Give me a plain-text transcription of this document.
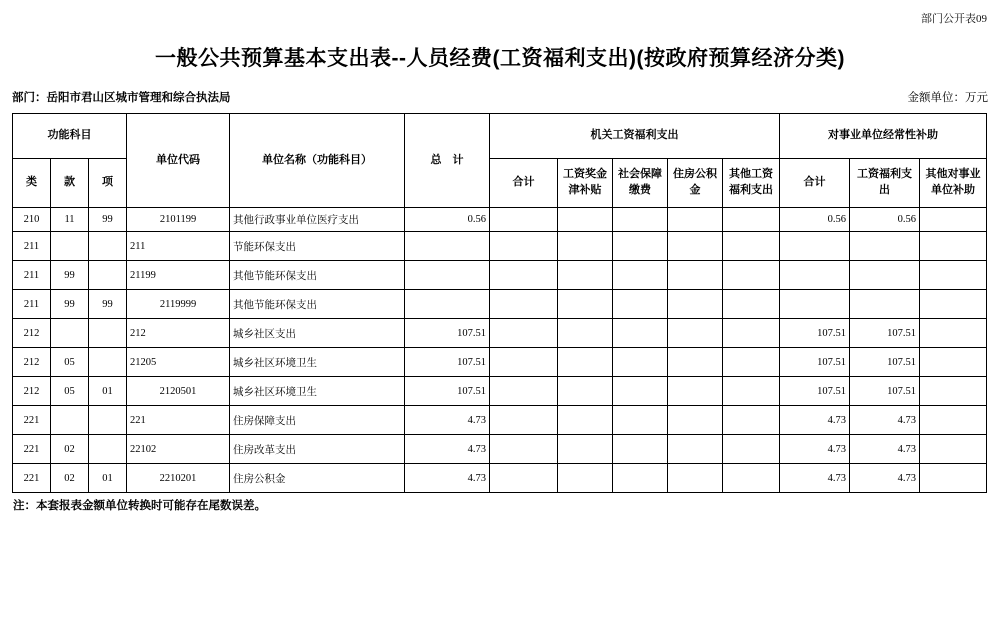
部门公开表09
一般公共预算基本支出表--人员经费(工资福利支出)(按政府预算经济分类)
部门：岳阳市君山区城市管理和综合执法局	金额单位：万元
功能科目			单位代码	单位名称（功能科目）	总　计	机关工资福利支出					对事业单位经常性补助		
类	款	项				合计	工资奖金津补贴	社会保障缴费	住房公积金	其他工资福利支出	合计	工资福利支出	其他对事业单位补助
210	11	99	2101199	其他行政事业单位医疗支出	0.56						0.56	0.56	
211			211	节能环保支出									
211	99		21199	其他节能环保支出									
211	99	99	2119999	其他节能环保支出									
212			212	城乡社区支出	107.51						107.51	107.51	
212	05		21205	城乡社区环境卫生	107.51						107.51	107.51	
212	05	01	2120501	城乡社区环境卫生	107.51						107.51	107.51	
221			221	住房保障支出	4.73						4.73	4.73	
221	02		22102	住房改革支出	4.73						4.73	4.73	
221	02	01	2210201	住房公积金	4.73						4.73	4.73	
注：本套报表金额单位转换时可能存在尾数误差。
